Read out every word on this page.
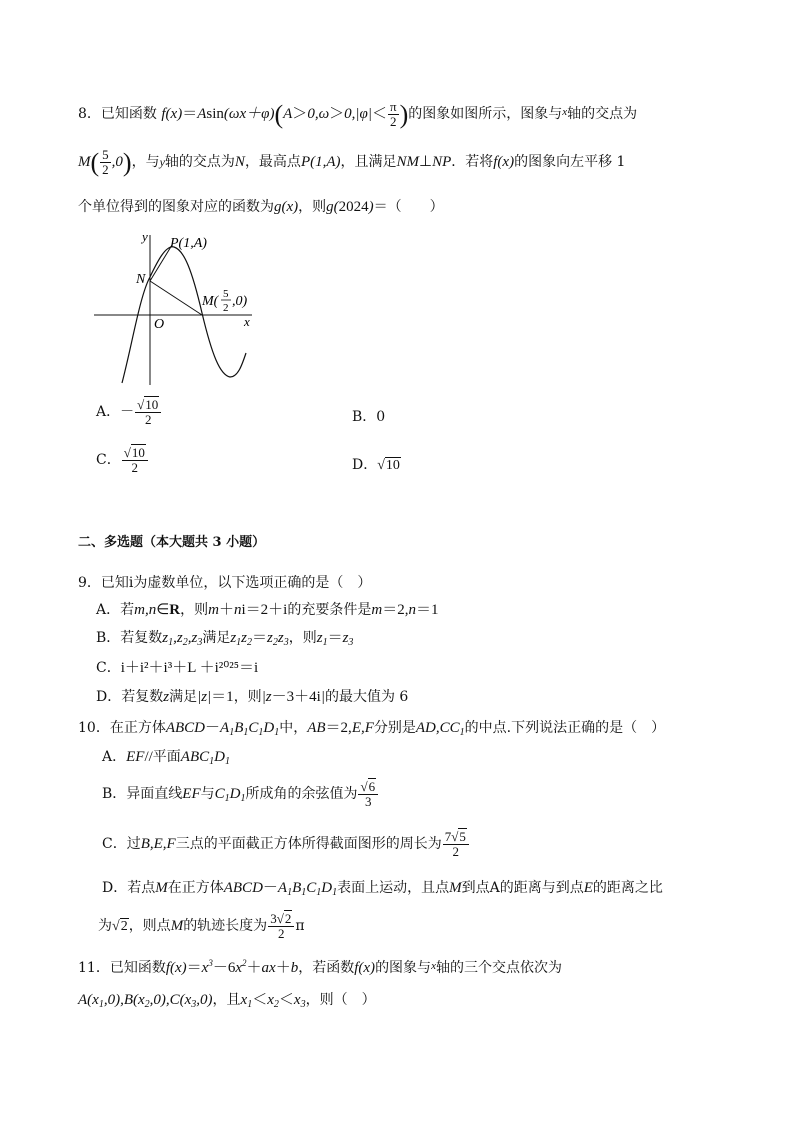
8．已知函数 $f(x)=Asin(\omega x+\varphi)(A>0,\omega>0,|\varphi|< \frac{\pi}{2}$ )的图象如图所示，图象与$^x$轴的交点为
$M( \frac{5}{2} ,0)$，与y轴的交点为N，最高点P(1,A)，且满足NM⊥NP．若将f(x)的图象向左平移 1
个单位得到的图象对应的函数为g(x)，则g(2024)＝（　　）
y P(1,A)
N
M( 5
2 ,0)
O	x
A．－ $\frac{√10}{2}$	B．0
C． $\frac{√10}{2}$	D．√10
二、多选题（本大题共 3 小题）
9．已知i为虚数单位，以下选项正确的是（　）
A．若m,n∈R，则m＋ni＝2＋i的充要条件是m＝2,n＝1
B．若复数$z_1,z_2,z_3$满足$z_1z_2=z_2z_3$，则$z_1=z_3$
C．i＋i²＋i³＋L ＋i²⁰²⁵＝i
D．若复数z满足|z|＝1，则|z－3＋4i|的最大值为 6
10．在正方体$ABCD-A_1B_1C_1D_1$中，AB＝2,E,F分别是$AD,CC_1$的中点.下列说法正确的是（　）
A．EF//平面$ABC_1D_1$
B．异面直线EF与$C_1D_1$所成角的余弦值为 $\frac{√6}{3}$
C．过B,E,F三点的平面截正方体所得截面图形的周长为 $\frac{7√5}{2}$
D．若点M在正方体$ABCD-A_1B_1C_1D_1$表面上运动，且点M到点A的距离与到点E的距离之比
为√2，则点M的轨迹长度为 $\frac{3√2}{2}$ π
11．已知函数$f(x)=x^3-6x^2+ax+b$，若函数f(x)的图象与$^x$轴的三个交点依次为
$A(x_1,0),B(x_2,0),C(x_3,0)$，且$x_1<x_2<x_3$，则（　）
